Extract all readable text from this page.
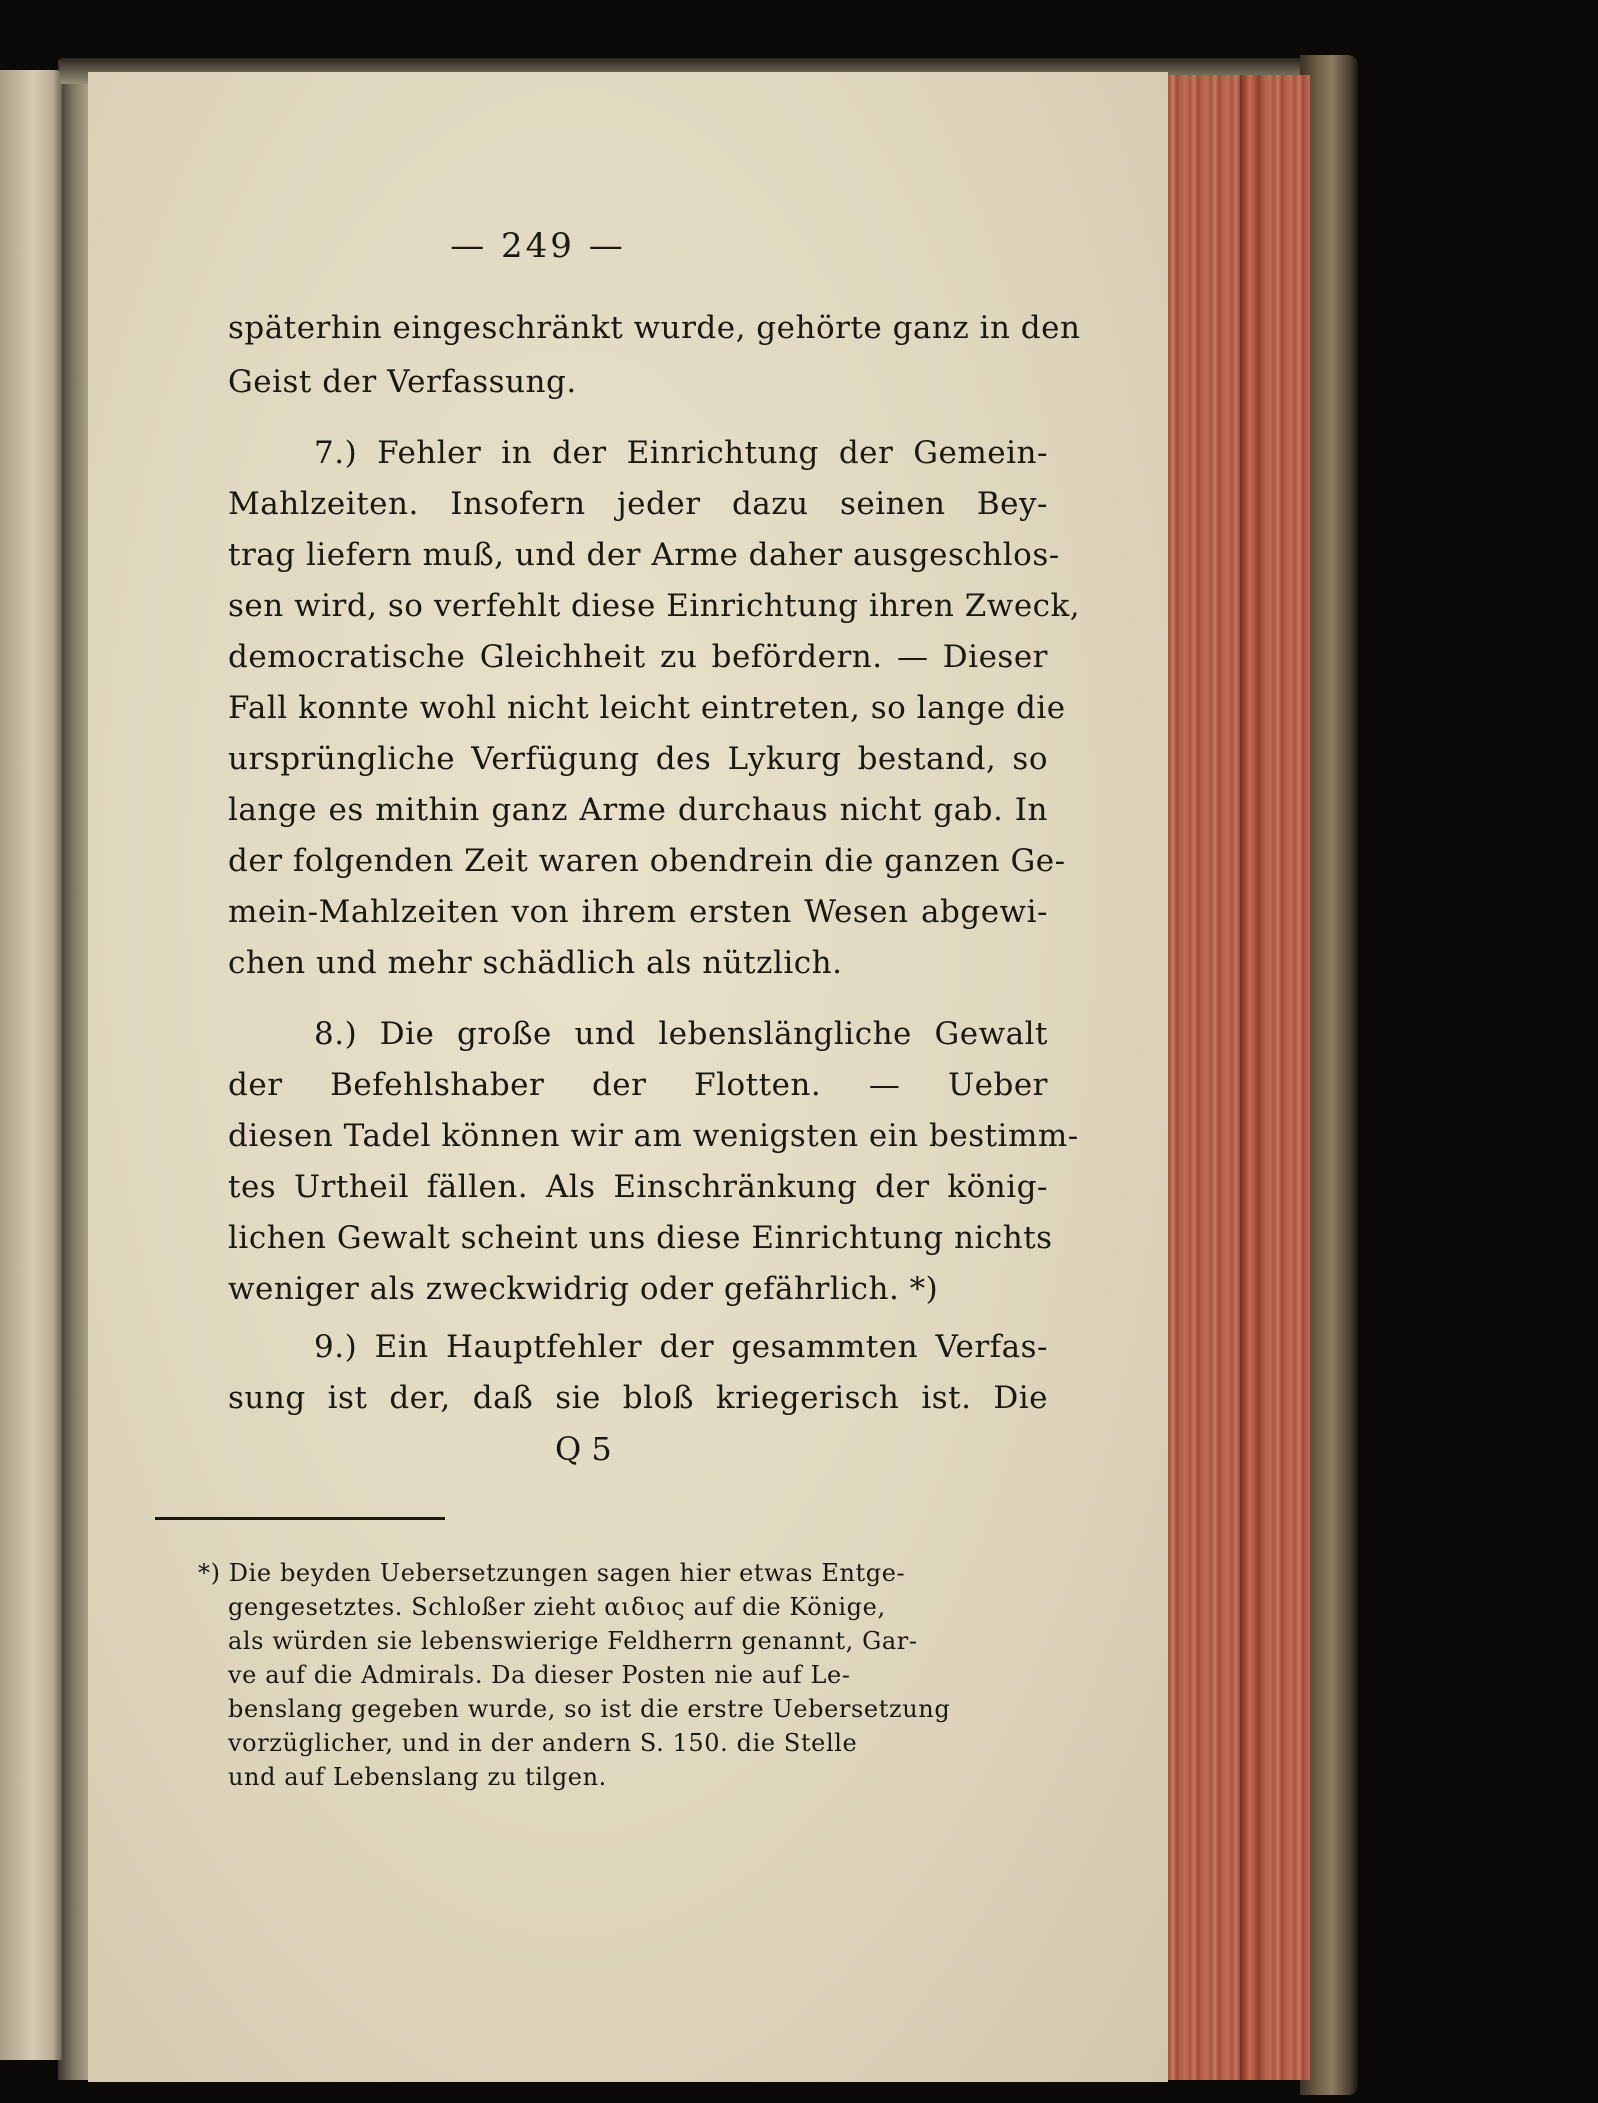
— 249 —
späterhin eingeschränkt wurde, gehörte ganz in den
Geist der Verfassung.
7.) Fehler in der Einrichtung der Gemein-
Mahlzeiten. Insofern jeder dazu seinen Bey-
trag liefern muß, und der Arme daher ausgeschlos-
sen wird, so verfehlt diese Einrichtung ihren Zweck,
democratische Gleichheit zu befördern. — Dieser
Fall konnte wohl nicht leicht eintreten, so lange die
ursprüngliche Verfügung des Lykurg bestand, so
lange es mithin ganz Arme durchaus nicht gab. In
der folgenden Zeit waren obendrein die ganzen Ge-
mein-Mahlzeiten von ihrem ersten Wesen abgewi-
chen und mehr schädlich als nützlich.
8.) Die große und lebenslängliche Gewalt
der Befehlshaber der Flotten. — Ueber
diesen Tadel können wir am wenigsten ein bestimm-
tes Urtheil fällen. Als Einschränkung der könig-
lichen Gewalt scheint uns diese Einrichtung nichts
weniger als zweckwidrig oder gefährlich. *)
9.) Ein Hauptfehler der gesammten Verfas-
sung ist der, daß sie bloß kriegerisch ist. Die
Q 5
*) Die beyden Uebersetzungen sagen hier etwas Entge-
gengesetztes. Schloßer zieht αιδιος auf die Könige,
als würden sie lebenswierige Feldherrn genannt, Gar-
ve auf die Admirals. Da dieser Posten nie auf Le-
benslang gegeben wurde, so ist die erstre Uebersetzung
vorzüglicher, und in der andern S. 150. die Stelle
und auf Lebenslang zu tilgen.
